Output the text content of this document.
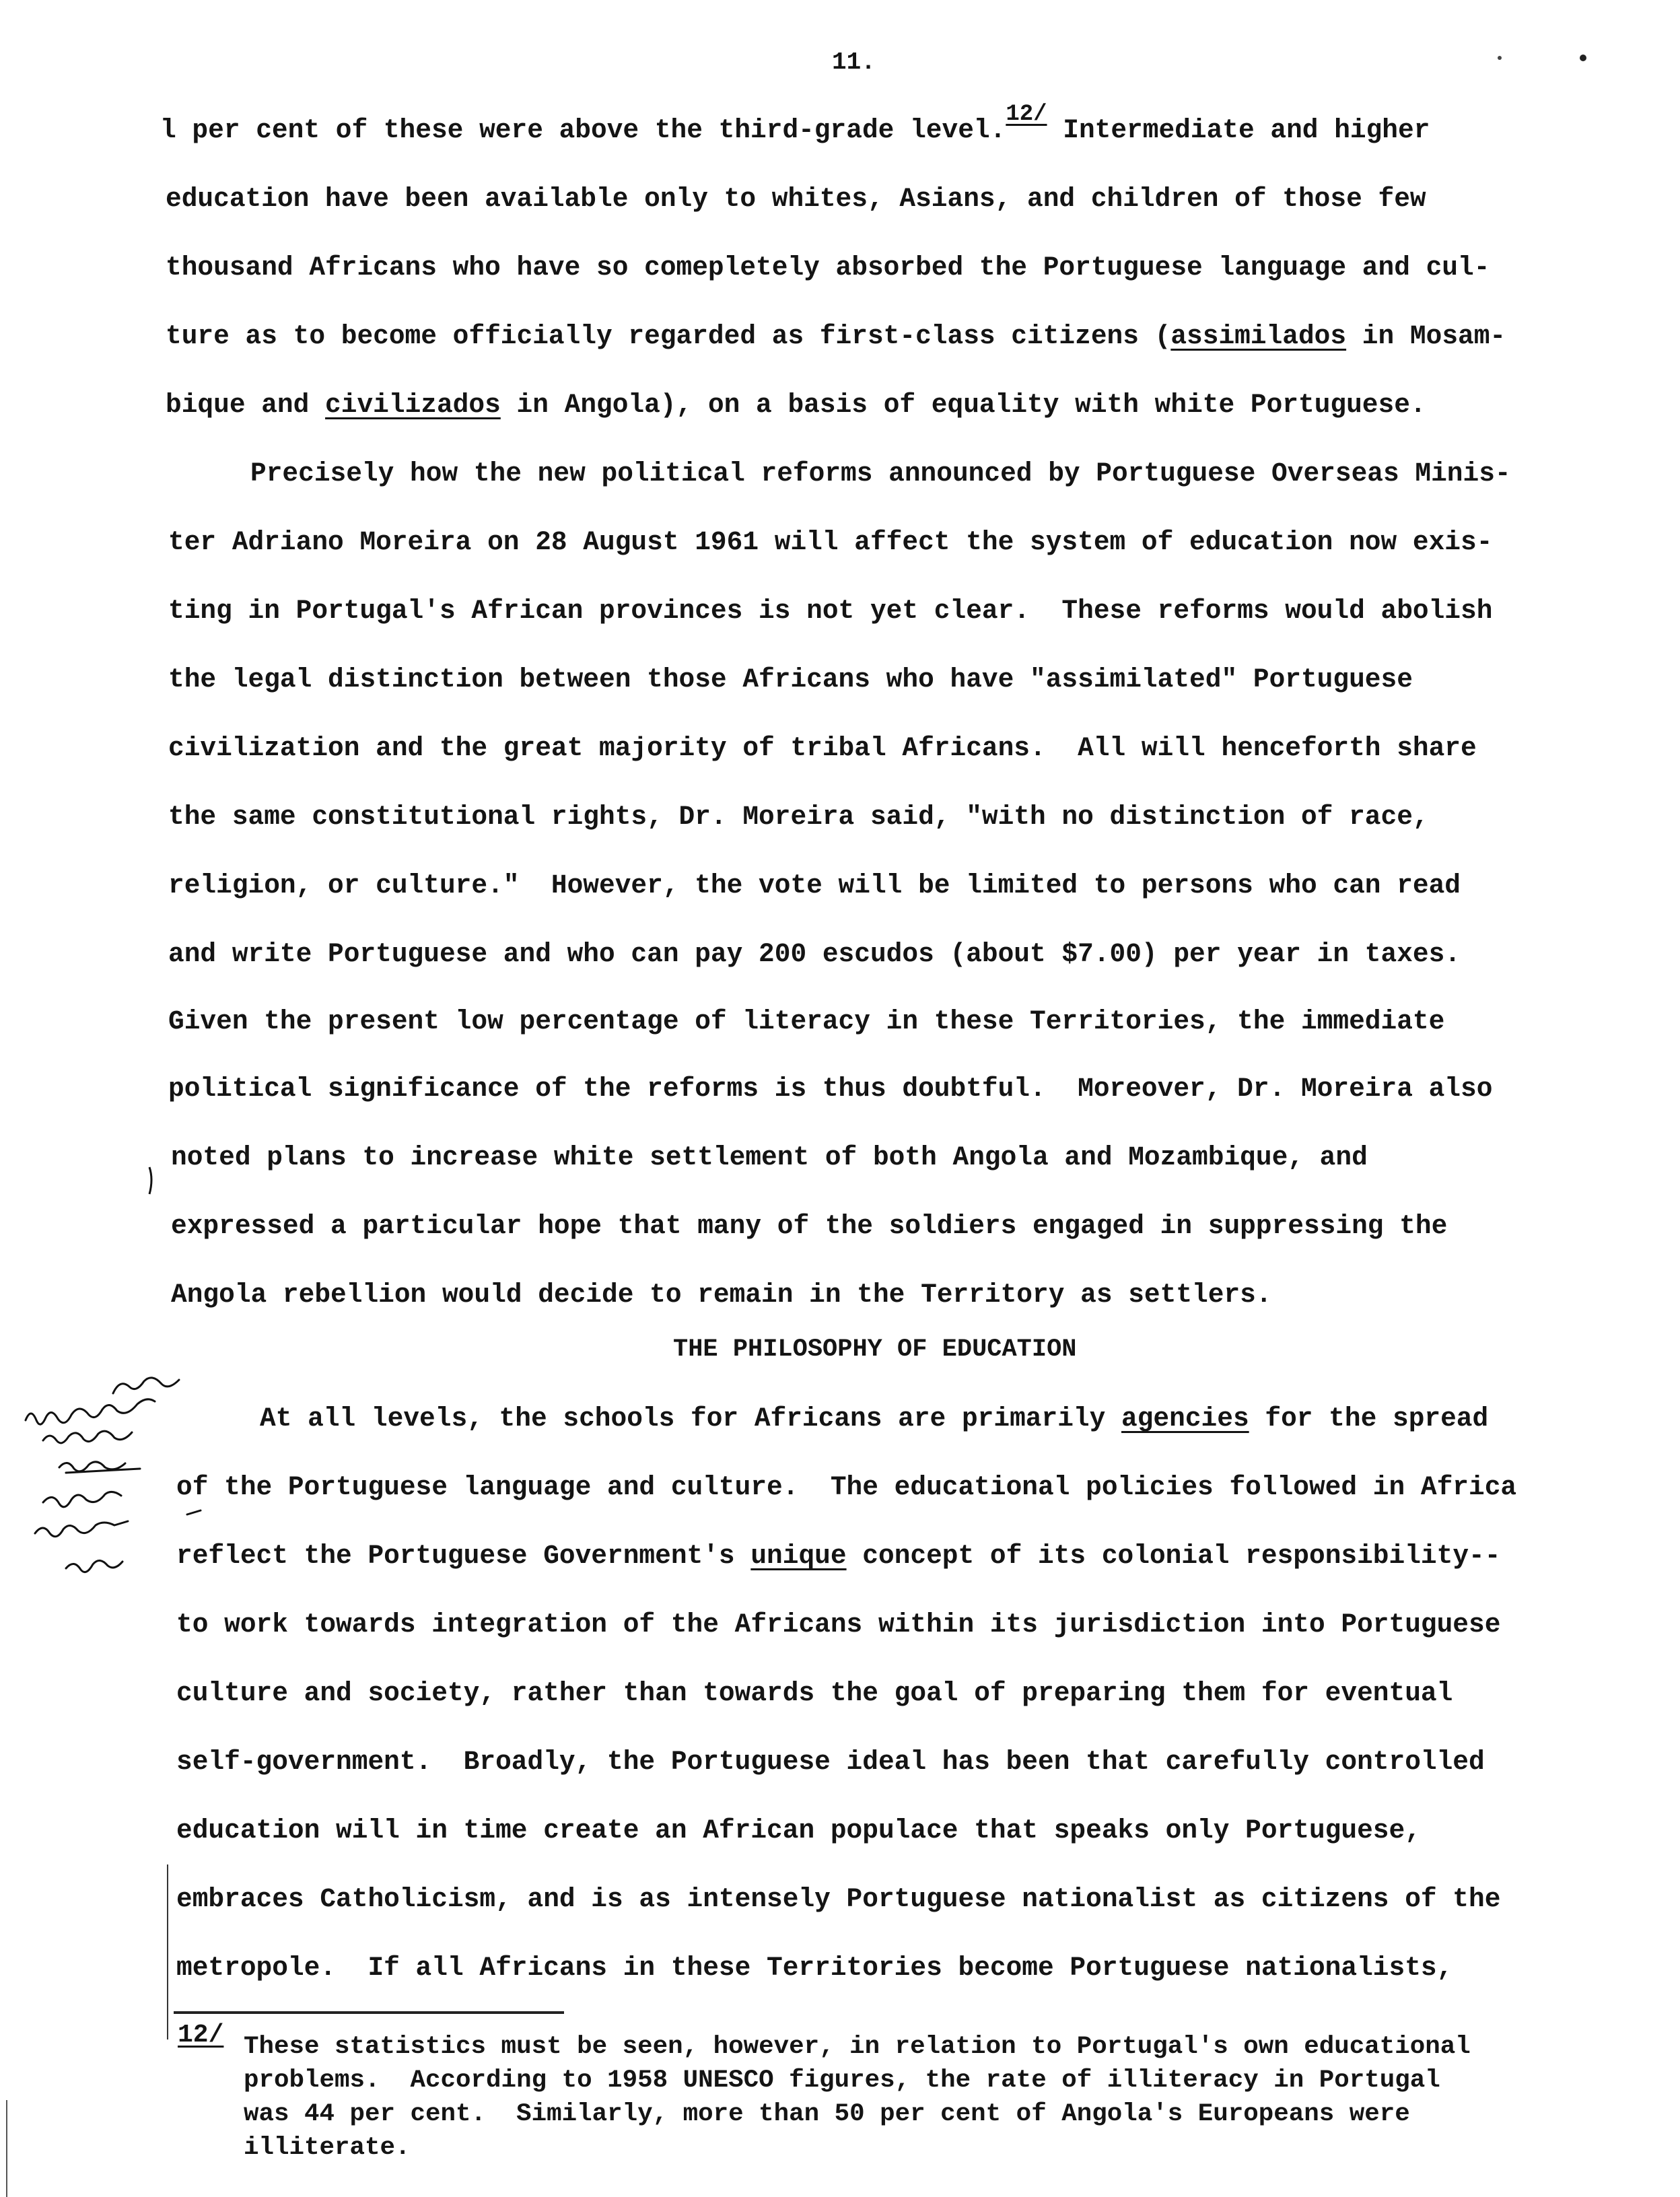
11.
l per cent of these were above the third-grade level.12/ Intermediate and higher
education have been available only to whites, Asians, and children of those few
thousand Africans who have so comepletely absorbed the Portuguese language and cul-
ture as to become officially regarded as first-class citizens (assimilados in Mosam-
bique and civilizados in Angola), on a basis of equality with white Portuguese.
Precisely how the new political reforms announced by Portuguese Overseas Minis-
ter Adriano Moreira on 28 August 1961 will affect the system of education now exis-
ting in Portugal's African provinces is not yet clear.  These reforms would abolish
the legal distinction between those Africans who have "assimilated" Portuguese
civilization and the great majority of tribal Africans.  All will henceforth share
the same constitutional rights, Dr. Moreira said, "with no distinction of race,
religion, or culture."  However, the vote will be limited to persons who can read
and write Portuguese and who can pay 200 escudos (about $7.00) per year in taxes.
Given the present low percentage of literacy in these Territories, the immediate
political significance of the reforms is thus doubtful.  Moreover, Dr. Moreira also
noted plans to increase white settlement of both Angola and Mozambique, and
expressed a particular hope that many of the soldiers engaged in suppressing the
Angola rebellion would decide to remain in the Territory as settlers.
THE PHILOSOPHY OF EDUCATION
At all levels, the schools for Africans are primarily agencies for the spread
of the Portuguese language and culture.  The educational policies followed in Africa
reflect the Portuguese Government's unique concept of its colonial responsibility--
to work towards integration of the Africans within its jurisdiction into Portuguese
culture and society, rather than towards the goal of preparing them for eventual
self-government.  Broadly, the Portuguese ideal has been that carefully controlled
education will in time create an African populace that speaks only Portuguese,
embraces Catholicism, and is as intensely Portuguese nationalist as citizens of the
metropole.  If all Africans in these Territories become Portuguese nationalists,
12/ These statistics must be seen, however, in relation to Portugal's own educational
problems.  According to 1958 UNESCO figures, the rate of illiteracy in Portugal
was 44 per cent.  Similarly, more than 50 per cent of Angola's Europeans were
illiterate.
